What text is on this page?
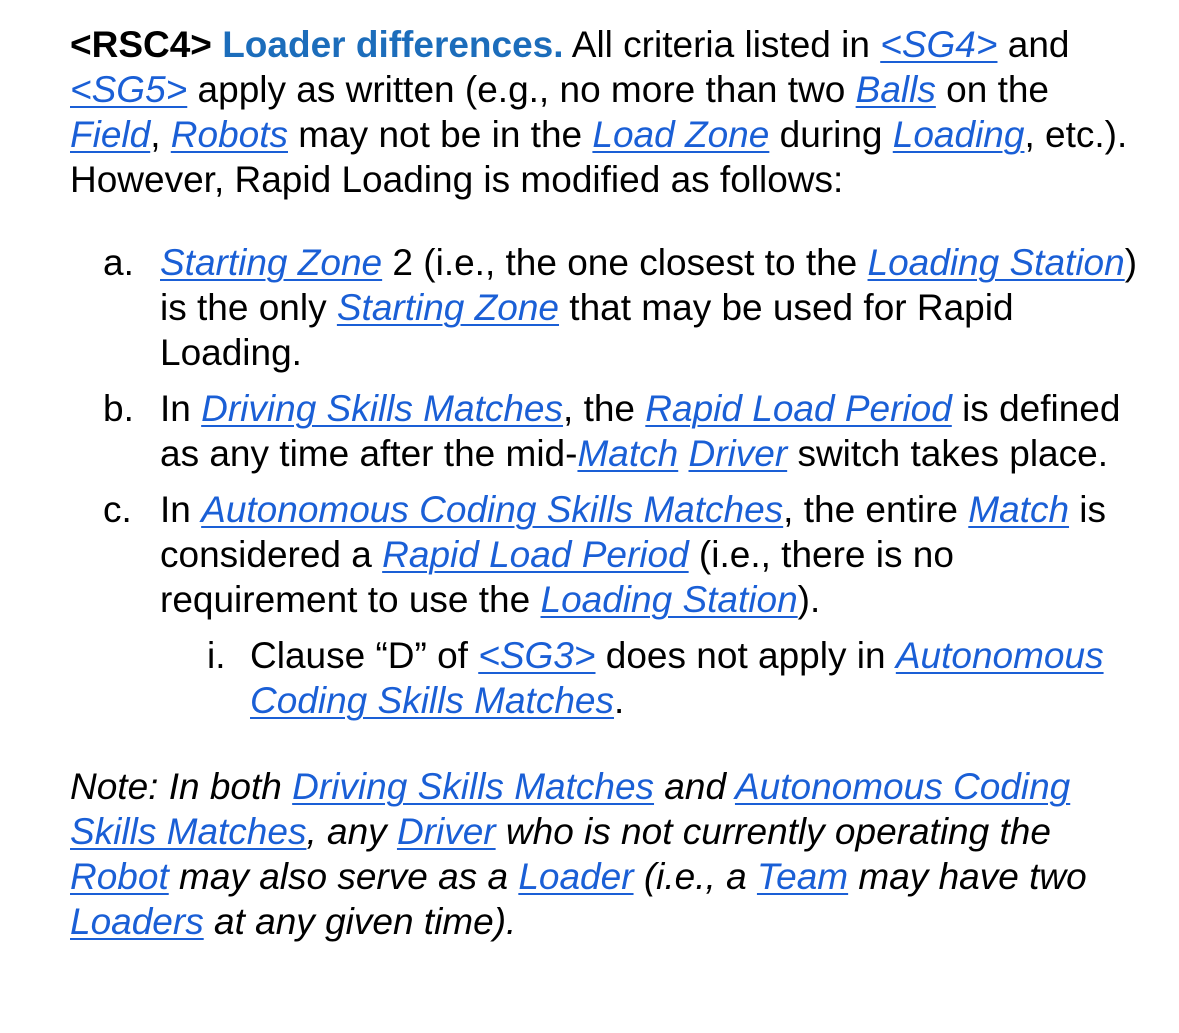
<RSC4> Loader differences. All criteria listed in <SG4> and <SG5> apply as written (e.g., no more than two Balls on the Field, Robots may not be in the Load Zone during Loading, etc.). However, Rapid Loading is modified as follows:

a. Starting Zone 2 (i.e., the one closest to the Loading Station) is the only Starting Zone that may be used for Rapid Loading.
b. In Driving Skills Matches, the Rapid Load Period is defined as any time after the mid-Match Driver switch takes place.
c. In Autonomous Coding Skills Matches, the entire Match is considered a Rapid Load Period (i.e., there is no requirement to use the Loading Station).
i. Clause “D” of <SG3> does not apply in Autonomous Coding Skills Matches.

Note: In both Driving Skills Matches and Autonomous Coding Skills Matches, any Driver who is not currently operating the Robot may also serve as a Loader (i.e., a Team may have two Loaders at any given time).
